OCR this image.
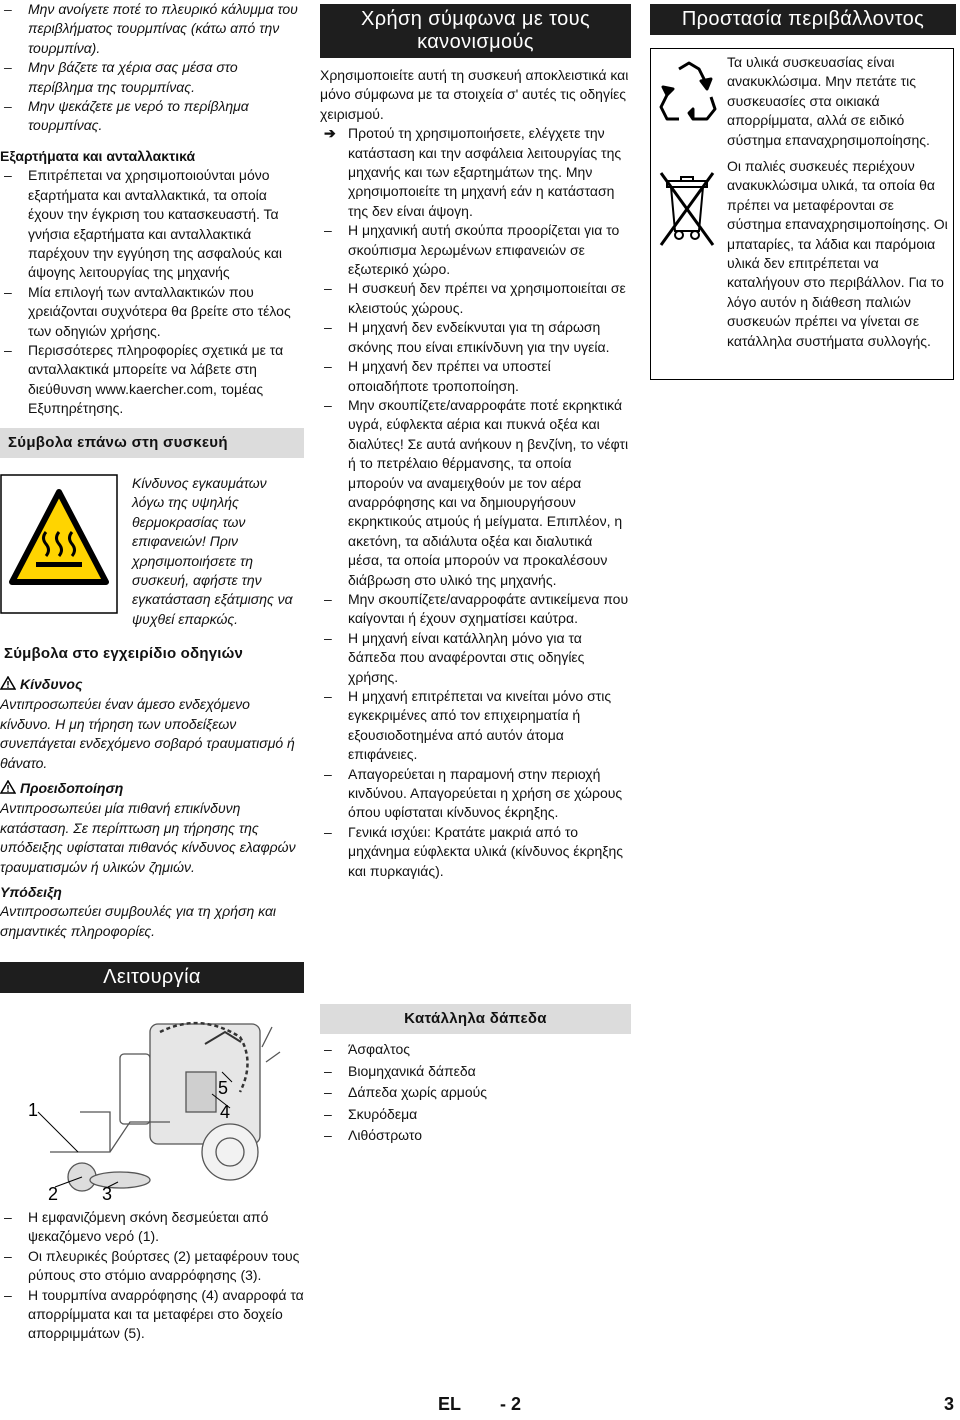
– Μην ανοίγετε ποτέ το πλευρικό κάλυμμα του περιβλήματος τουρμπίνας (κάτω από την τουρμπίνα).

– Μην βάζετε τα χέρια σας μέσα στο περίβλημα της τουρμπίνας.

– Μην ψεκάζετε με νερό το περίβλημα τουρμπίνας.

Εξαρτήματα και ανταλλακτικά

– Επιτρέπεται να χρησιμοποιούνται μόνο εξαρτήματα και ανταλλακτικά, τα οποία έχουν την έγκριση του κατασκευαστή. Τα γνήσια εξαρτήματα και ανταλλακτικά παρέχουν την εγγύηση της ασφαλούς και άψογης λειτουργίας της μηχανής

– Μία επιλογή των ανταλλακτικών που χρειάζονται συχνότερα θα βρείτε στο τέλος των οδηγιών χρήσης.

– Περισσότερες πληροφορίες σχετικά με τα ανταλλακτικά μπορείτε να λάβετε στη διεύθυνση www.kaercher.com, τομέας Εξυπηρέτησης.

Σύμβολα επάνω στη συσκευή

Κίνδυνος εγκαυμάτων λόγω της υψηλής θερμοκρασίας των επιφανειών! Πριν χρησιμοποιήσετε τη συσκευή, αφήστε την εγκατάσταση εξάτμισης να ψυχθεί επαρκώς.

Σύμβολα στο εγχειρίδιο οδηγιών

Κίνδυνος

Αντιπροσωπεύει έναν άμεσο ενδεχόμενο κίνδυνο. Η μη τήρηση των υποδείξεων συνεπάγεται ενδεχόμενο σοβαρό τραυματισμό ή θάνατο.

Προειδοποίηση

Αντιπροσωπεύει μία πιθανή επικίνδυνη κατάσταση. Σε περίπτωση μη τήρησης της υπόδειξης υφίσταται πιθανός κίνδυνος ελαφρών τραυματισμών ή υλικών ζημιών.

Υπόδειξη

Αντιπροσωπεύει συμβουλές για τη χρήση και σημαντικές πληροφορίες.

Λειτουργία
1
2 3
4
5

– Η εμφανιζόμενη σκόνη δεσμεύεται από ψεκαζόμενο νερό (1).

– Οι πλευρικές βούρτσες (2) μεταφέρουν τους ρύπους στο στόμιο αναρρόφησης (3).

– Η τουρμπίνα αναρρόφησης (4) αναρροφά τα απορρίμματα και τα μεταφέρει στο δοχείο απορριμμάτων (5).

Χρήση σύμφωνα με τους κανονισμούς

Χρησιμοποιείτε αυτή τη συσκευή αποκλειστικά και μόνο σύμφωνα με τα στοιχεία σ' αυτές τις οδηγίες χειρισμού.

➔ Προτού τη χρησιμοποιήσετε, ελέγχετε την κατάσταση και την ασφάλεια λειτουργίας της μηχανής και των εξαρτημάτων της. Μην χρησιμοποιείτε τη μηχανή εάν η κατάσταση της δεν είναι άψογη.

– Η μηχανική αυτή σκούπα προορίζεται για το σκούπισμα λερωμένων επιφανειών σε εξωτερικό χώρο.

– Η συσκευή δεν πρέπει να χρησιμοποιείται σε κλειστούς χώρους.

– Η μηχανή δεν ενδείκνυται για τη σάρωση σκόνης που είναι επικίνδυνη για την υγεία.

– Η μηχανή δεν πρέπει να υποστεί οποιαδήποτε τροποποίηση.

– Μην σκουπίζετε/αναρροφάτε ποτέ εκρηκτικά υγρά, εύφλεκτα αέρια και πυκνά οξέα και διαλύτες! Σε αυτά ανήκουν η βενζίνη, το νέφτι ή το πετρέλαιο θέρμανσης, τα οποία μπορούν να αναμειχθούν με τον αέρα αναρρόφησης και να δημιουργήσουν εκρηκτικούς ατμούς ή μείγματα. Επιπλέον, η ακετόνη, τα αδιάλυτα οξέα και διαλυτικά μέσα, τα οποία μπορούν να προκαλέσουν διάβρωση στο υλικό της μηχανής.

– Μην σκουπίζετε/αναρροφάτε αντικείμενα που καίγονται ή έχουν σχηματίσει καύτρα.

– Η μηχανή είναι κατάλληλη μόνο για τα δάπεδα που αναφέρονται στις οδηγίες χρήσης.

– Η μηχανή επιτρέπεται να κινείται μόνο στις εγκεκριμένες από τον επιχειρηματία ή εξουσιοδοτημένα από αυτόν άτομα επιφάνειες.

– Απαγορεύεται η παραμονή στην περιοχή κινδύνου. Απαγορεύεται η χρήση σε χώρους όπου υφίσταται κίνδυνος έκρηξης.

– Γενικά ισχύει: Κρατάτε μακριά από το μηχάνημα εύφλεκτα υλικά (κίνδυνος έκρηξης και πυρκαγιάς).

Κατάλληλα δάπεδα

– Άσφαλτος

– Βιομηχανικά δάπεδα

– Δάπεδα χωρίς αρμούς

– Σκυρόδεμα

– Λιθόστρωτο

Προστασία περιβάλλοντος

Τα υλικά συσκευασίας είναι ανακυκλώσιμα. Μην πετάτε τις συσκευασίες στα οικιακά απορρίμματα, αλλά σε ειδικό σύστημα επαναχρησιμοποίησης.

Οι παλιές συσκευές περιέχουν ανακυκλώσιμα υλικά, τα οποία θα πρέπει να μεταφέρονται σε σύστημα επαναχρησιμοποίησης. Οι μπαταρίες, τα λάδια και παρόμοια υλικά δεν επιτρέπεται να καταλήγουν στο περιβάλλον. Για το λόγο αυτόν η διάθεση παλιών συσκευών πρέπει να γίνεται σε κατάλληλα συστήματα συλλογής.

EL - 2	3
